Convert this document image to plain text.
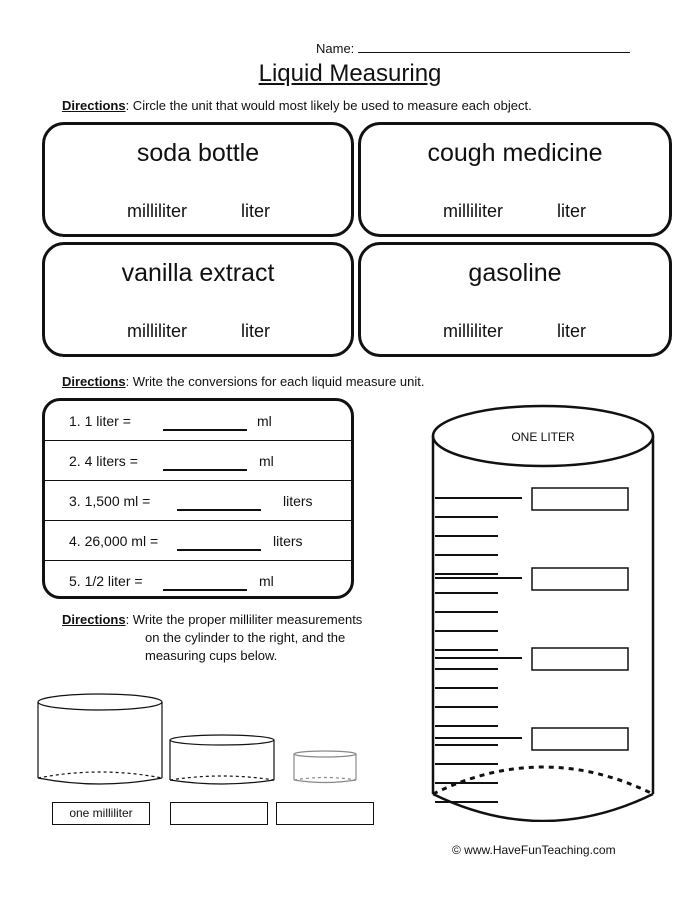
Name:
Liquid Measuring
Directions: Circle the unit that would most likely be used to measure each object.
soda bottle
milliliter	liter
cough medicine
milliliter	liter
vanilla extract
milliliter	liter
gasoline
milliliter	liter
Directions: Write the conversions for each liquid measure unit.
1. 1 liter =	ml
2. 4 liters =	ml
3. 1,500 ml =	liters
4. 26,000 ml =	liters
5. 1/2 liter =	ml
Directions: Write the proper milliliter measurements
on the cylinder to the right, and the
measuring cups below.
ONE LITER
one milliliter
© www.HaveFunTeaching.com
